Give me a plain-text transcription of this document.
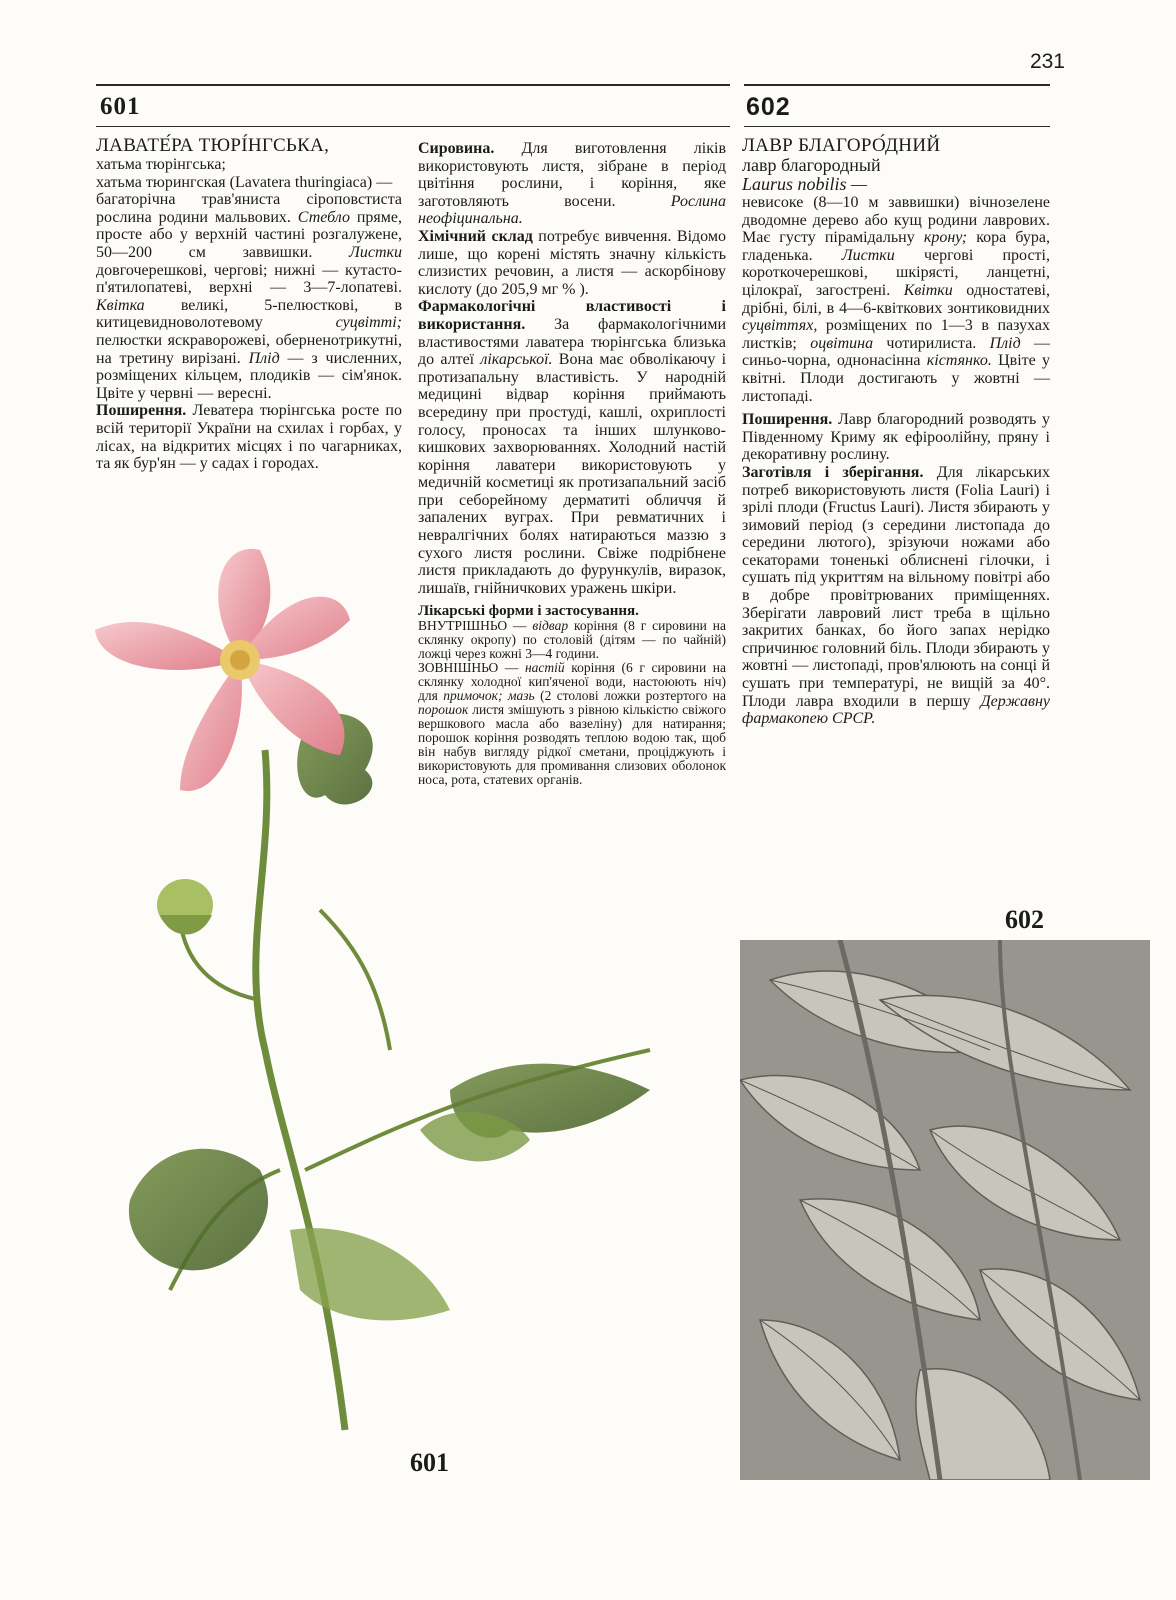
231
601	602

ЛАВАТЕ́РА ТЮРІ́НГСЬКА,

хатьма тюрінгська;

хатьма тюрингская (Lavatera thuringiaca) —

багаторічна трав'яниста сіроповстиста рослина родини мальвових. Стебло пряме, просте або у верхній частині розгалужене, 50—200 см заввишки. Листки довгочерешкові, чергові; нижні — кутасто-п'ятилопатеві, верхні — 3—7-лопатеві. Квітка великі, 5-пелюсткові, в китицевидноволотевому суцвітті; пелюстки яскраворожеві, оберненотрикутні, на третину вирізані. Плід — з численних, розміщених кільцем, плодиків — сім'янок. Цвіте у червні — вересні.

Поширення. Леватера тюрінгська росте по всій території України на схилах і горбах, у лісах, на відкритих місцях і по чагарниках, та як бур'ян — у садах і городах.

Сировина. Для виготовлення ліків використовують листя, зібране в період цвітіння рослини, і коріння, яке заготовляють восени.	Рослина неофіцинальна.

Хімічний склад потребує вивчення. Відомо лише, що корені містять значну кількість слизистих речовин, а листя — аскорбінову кислоту (до 205,9 мг % ).

Фармакологічні властивості і використання. За фармакологічними властивостями лаватера тюрінгська близька до алтеї лікарської. Вона має обволікаючу і протизапальну властивість. У народній медицині відвар коріння приймають всередину при простуді, кашлі, охриплості голосу, проносах та інших шлунково-кишкових захворюваннях. Холодний настій коріння лаватери використовують у медичній косметиці як протизапальний засіб при себорейному дерматиті обличчя й запалених вуграх. При ревматичних і невралгічних болях натираються маззю з сухого листя рослини. Свіже подрібнене листя прикладають до фурункулів, виразок, лишаїв, гнійничкових уражень шкіри.

Лікарські форми і застосування.

ВНУТРІШНЬО — відвар коріння (8 г сировини на склянку окропу) по столовій (дітям — по чайній) ложці через кожні 3—4 години.

ЗОВНІШНЬО — настій коріння (6 г сировини на склянку холодної кип'яченої води, настоюють ніч) для примочок; мазь (2 столові ложки розтертого на порошок листя змішують з рівною кількістю свіжого вершкового масла або вазеліну) для натирання; порошок коріння розводять теплою водою так, щоб він набув вигляду рідкої сметани, проціджують і використовують для промивання слизових оболонок носа, рота, статевих органів.

ЛАВР БЛАГОРО́ДНИЙ

лавр благородный

Laurus nobilis —

невисоке (8—10 м заввишки) вічнозелене дводомне дерево або кущ родини лаврових. Має густу пірамідальну крону; кора бура, гладенька. Листки чергові прості, короткочерешкові, шкірясті, ланцетні, цілокраї, загострені. Квітки одностатеві, дрібні, білі, в 4—6-квіткових зонтиковидних суцвіттях, розміщених по 1—3 в пазухах листків; оцвітина чотирилиста. Плід — синьо-чорна, однонасінна кістянко. Цвіте у квітні. Плоди достигають у жовтні — листопаді.

Поширення. Лавр благородний розводять у Південному Криму як ефіроолійну, пряну і декоративну рослину.

Заготівля і зберігання. Для лікарських потреб використовують листя (Folia Lauri) і зрілі плоди (Fructus Lauri). Листя збирають у зимовий період (з середини листопада до середини лютого), зрізуючи ножами або секаторами тоненькі облиснені гілочки, і сушать під укриттям на вільному повітрі або в добре провітрюваних приміщеннях. Зберігати лавровий лист треба в щільно закритих банках, бо його запах нерідко спричинює головний біль. Плоди збирають у жовтні — листопаді, пров'ялюють на сонці й сушать при температурі, не вищій за 40°. Плоди лавра входили в першу Державну фармакопею СРСР.

601
602
